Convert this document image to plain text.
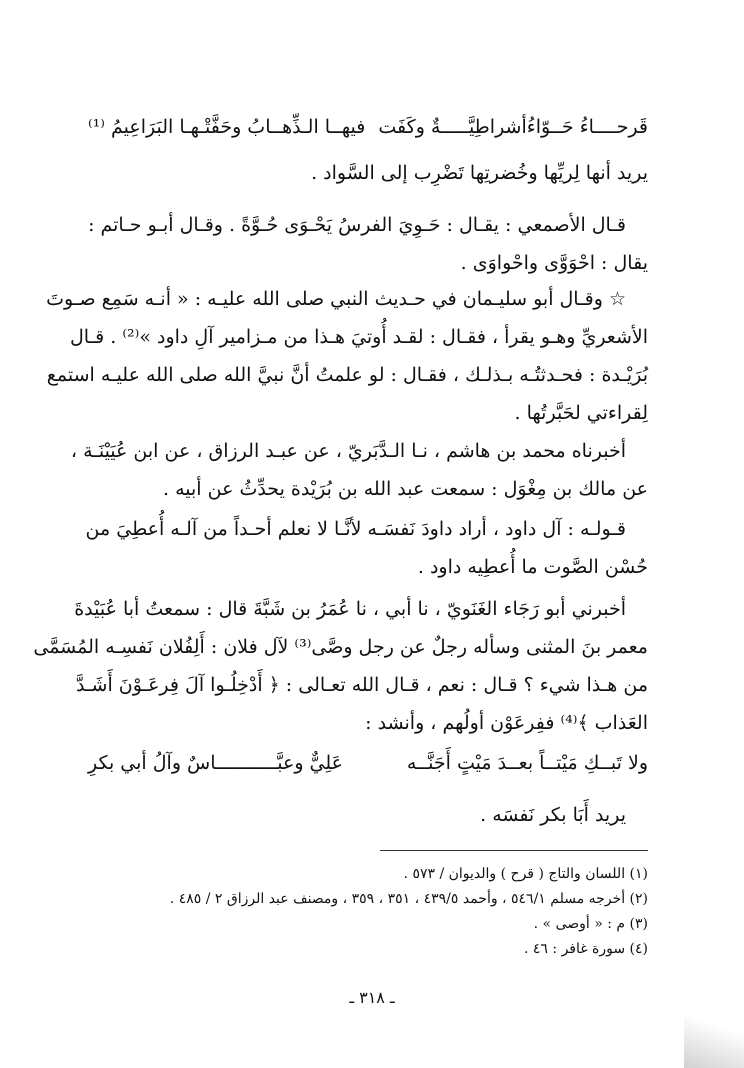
قَرحــــاءُ حَــوّاءُأشراطِيَّـــــةٌ وكَفَت
فيهــا الـذِّهــابُ وحَفَّتْـهـا البَرَاعِيمُ ⁽¹⁾
يريد أنها لِريِّها وخُضرتِها تَضْرِب إلى السَّواد .
قـال الأصمعي : يقـال : حَـوِيَ الفرسُ يَحْـوَى حُـوَّةً . وقـال أبـو حـاتم :
يقال : احْوَوَّى واحْواوَى .
☆ وقـال أبو سليـمان في حـديث النبي صلى الله عليـه : « أنـه سَمِع صـوتَ
الأشعريِّ وهـو يقرأ ، فقـال : لقـد أُوتيَ هـذا من مـزامير آلِ داود »⁽²⁾ . قـال
بُرَيْـدة : فحـدثتُـه بـذلـك ، فقـال : لو علمتُ أنَّ نبيَّ الله صلى الله عليـه استمع
لِقراءتي لحَبَّرتُها .
أخبرناه محمد بن هاشم ، نـا الـدَّبَريّ ، عن عبـد الرزاق ، عن ابن عُيَيْنَـة ،
عن مالك بن مِغْوَل : سمعت عبد الله بن بُرَيْدة يحدِّثُ عن أبيه .
قـولـه : آل داود ، أراد داودَ نَفسَـه لأنَّـا لا نعلم أحـداً من آلـه أُعطِيَ من
حُسْن الصَّوت ما أُعطِيه داود .
أخبرني أبو رَجَاء الغَنَويّ ، نا أبي ، نا عُمَرُ بن شَبَّةَ قال : سمعتُ أبا عُبَيْدةَ
معمر بنَ المثنى وسأله رجلٌ عن رجل وصَّى⁽³⁾ لآل فلان : أَلِفُلان نَفسِـه المُسَمَّى
من هـذا شيء ؟ قـال : نعم ، قـال الله تعـالى : ﴿ أَدْخِلُـوا آلَ فِرعَـوْنَ أَشَـدَّ
العَذاب ﴾⁽⁴⁾ ففِرعَوْن أولُهم ، وأنشد :
ولا تَبــكِ مَيْتــاً بعــدَ مَيْتٍ أَجَنَّــه
عَلِيٌّ وعبَّـــــــــــاسٌ وآلُ أبي بكرِ
يريد أَبَا بكر نَفسَه .
(١) اللسان والتاج ( قرح ) والديوان / ٥٧٣ .
(٢) أخرجه مسلم ٥٤٦/١ ، وأحمد ٤٣٩/٥ ، ٣٥١ ، ٣٥٩ ، ومصنف عبد الرزاق ٢ / ٤٨٥ .
(٣) م : « أوصى » .
(٤) سورة غافر : ٤٦ .
ـ ٣١٨ ـ
